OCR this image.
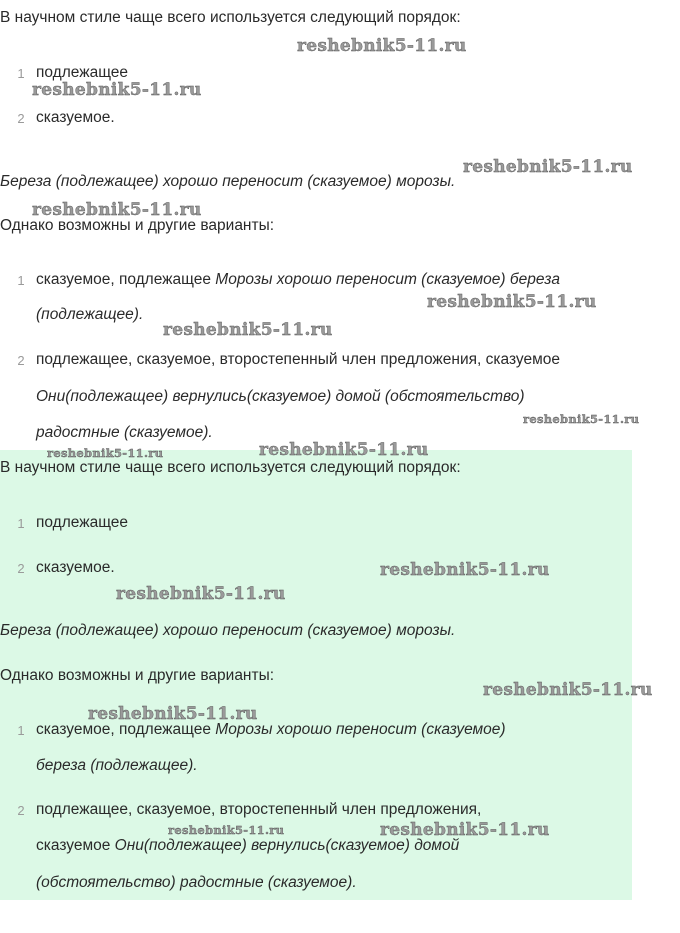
В научном стиле чаще всего используется следующий порядок:
1 подлежащее
2 сказуемое.
Береза (подлежащее) хорошо переносит (сказуемое) морозы.
Однако возможны и другие варианты:
1 сказуемое, подлежащее Морозы хорошо переносит (сказуемое) береза
(подлежащее).
2 подлежащее, сказуемое, второстепенный член предложения, сказуемое
Они(подлежащее) вернулись(сказуемое) домой (обстоятельство)
радостные (сказуемое).
В научном стиле чаще всего используется следующий порядок:
1 подлежащее
2 сказуемое.
Береза (подлежащее) хорошо переносит (сказуемое) морозы.
Однако возможны и другие варианты:
1 сказуемое, подлежащее Морозы хорошо переносит (сказуемое)
береза (подлежащее).
2 подлежащее, сказуемое, второстепенный член предложения,
сказуемое Они(подлежащее) вернулись(сказуемое) домой
(обстоятельство) радостные (сказуемое).
reshebnik5-11.ru
reshebnik5-11.ru
reshebnik5-11.ru
reshebnik5-11.ru
reshebnik5-11.ru
reshebnik5-11.ru
reshebnik5-11.ru
reshebnik5-11.ru	reshebnik5-11.ru
reshebnik5-11.ru
reshebnik5-11.ru
reshebnik5-11.ru
reshebnik5-11.ru
reshebnik5-11.ru	reshebnik5-11.ru
